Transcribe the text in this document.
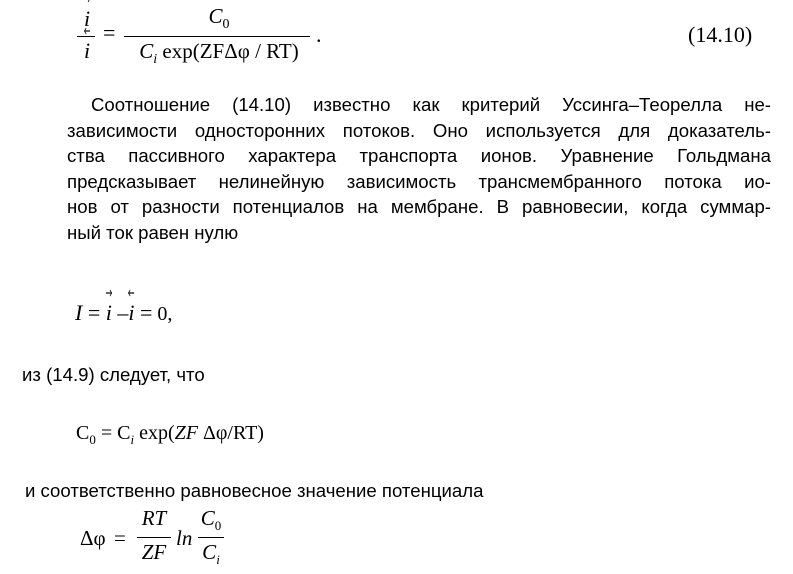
i
i
=
$C_0$
$C_i$ exp(ZFΔφ / RT)
.	(14.10)
Соотношение (14.10) известно как критерий Уссинга–Теорелла не-
зависимости односторонних потоков. Оно используется для доказатель-
ства пассивного характера транспорта ионов. Уравнение Гольдмана
предсказывает нелинейную зависимость трансмембранного потока ио-
нов от разности потенциалов на мембране. В равновесии, когда суммар-
ный ток равен нулю
I = i –
i = 0,
из (14.9) следует, что
$C_0 = C_i$ exp(ZF Δφ/RT)
и соответственно равновесное значение потенциала
Δφ =
RT
ZF
ln
$C_0$
$C_i$
